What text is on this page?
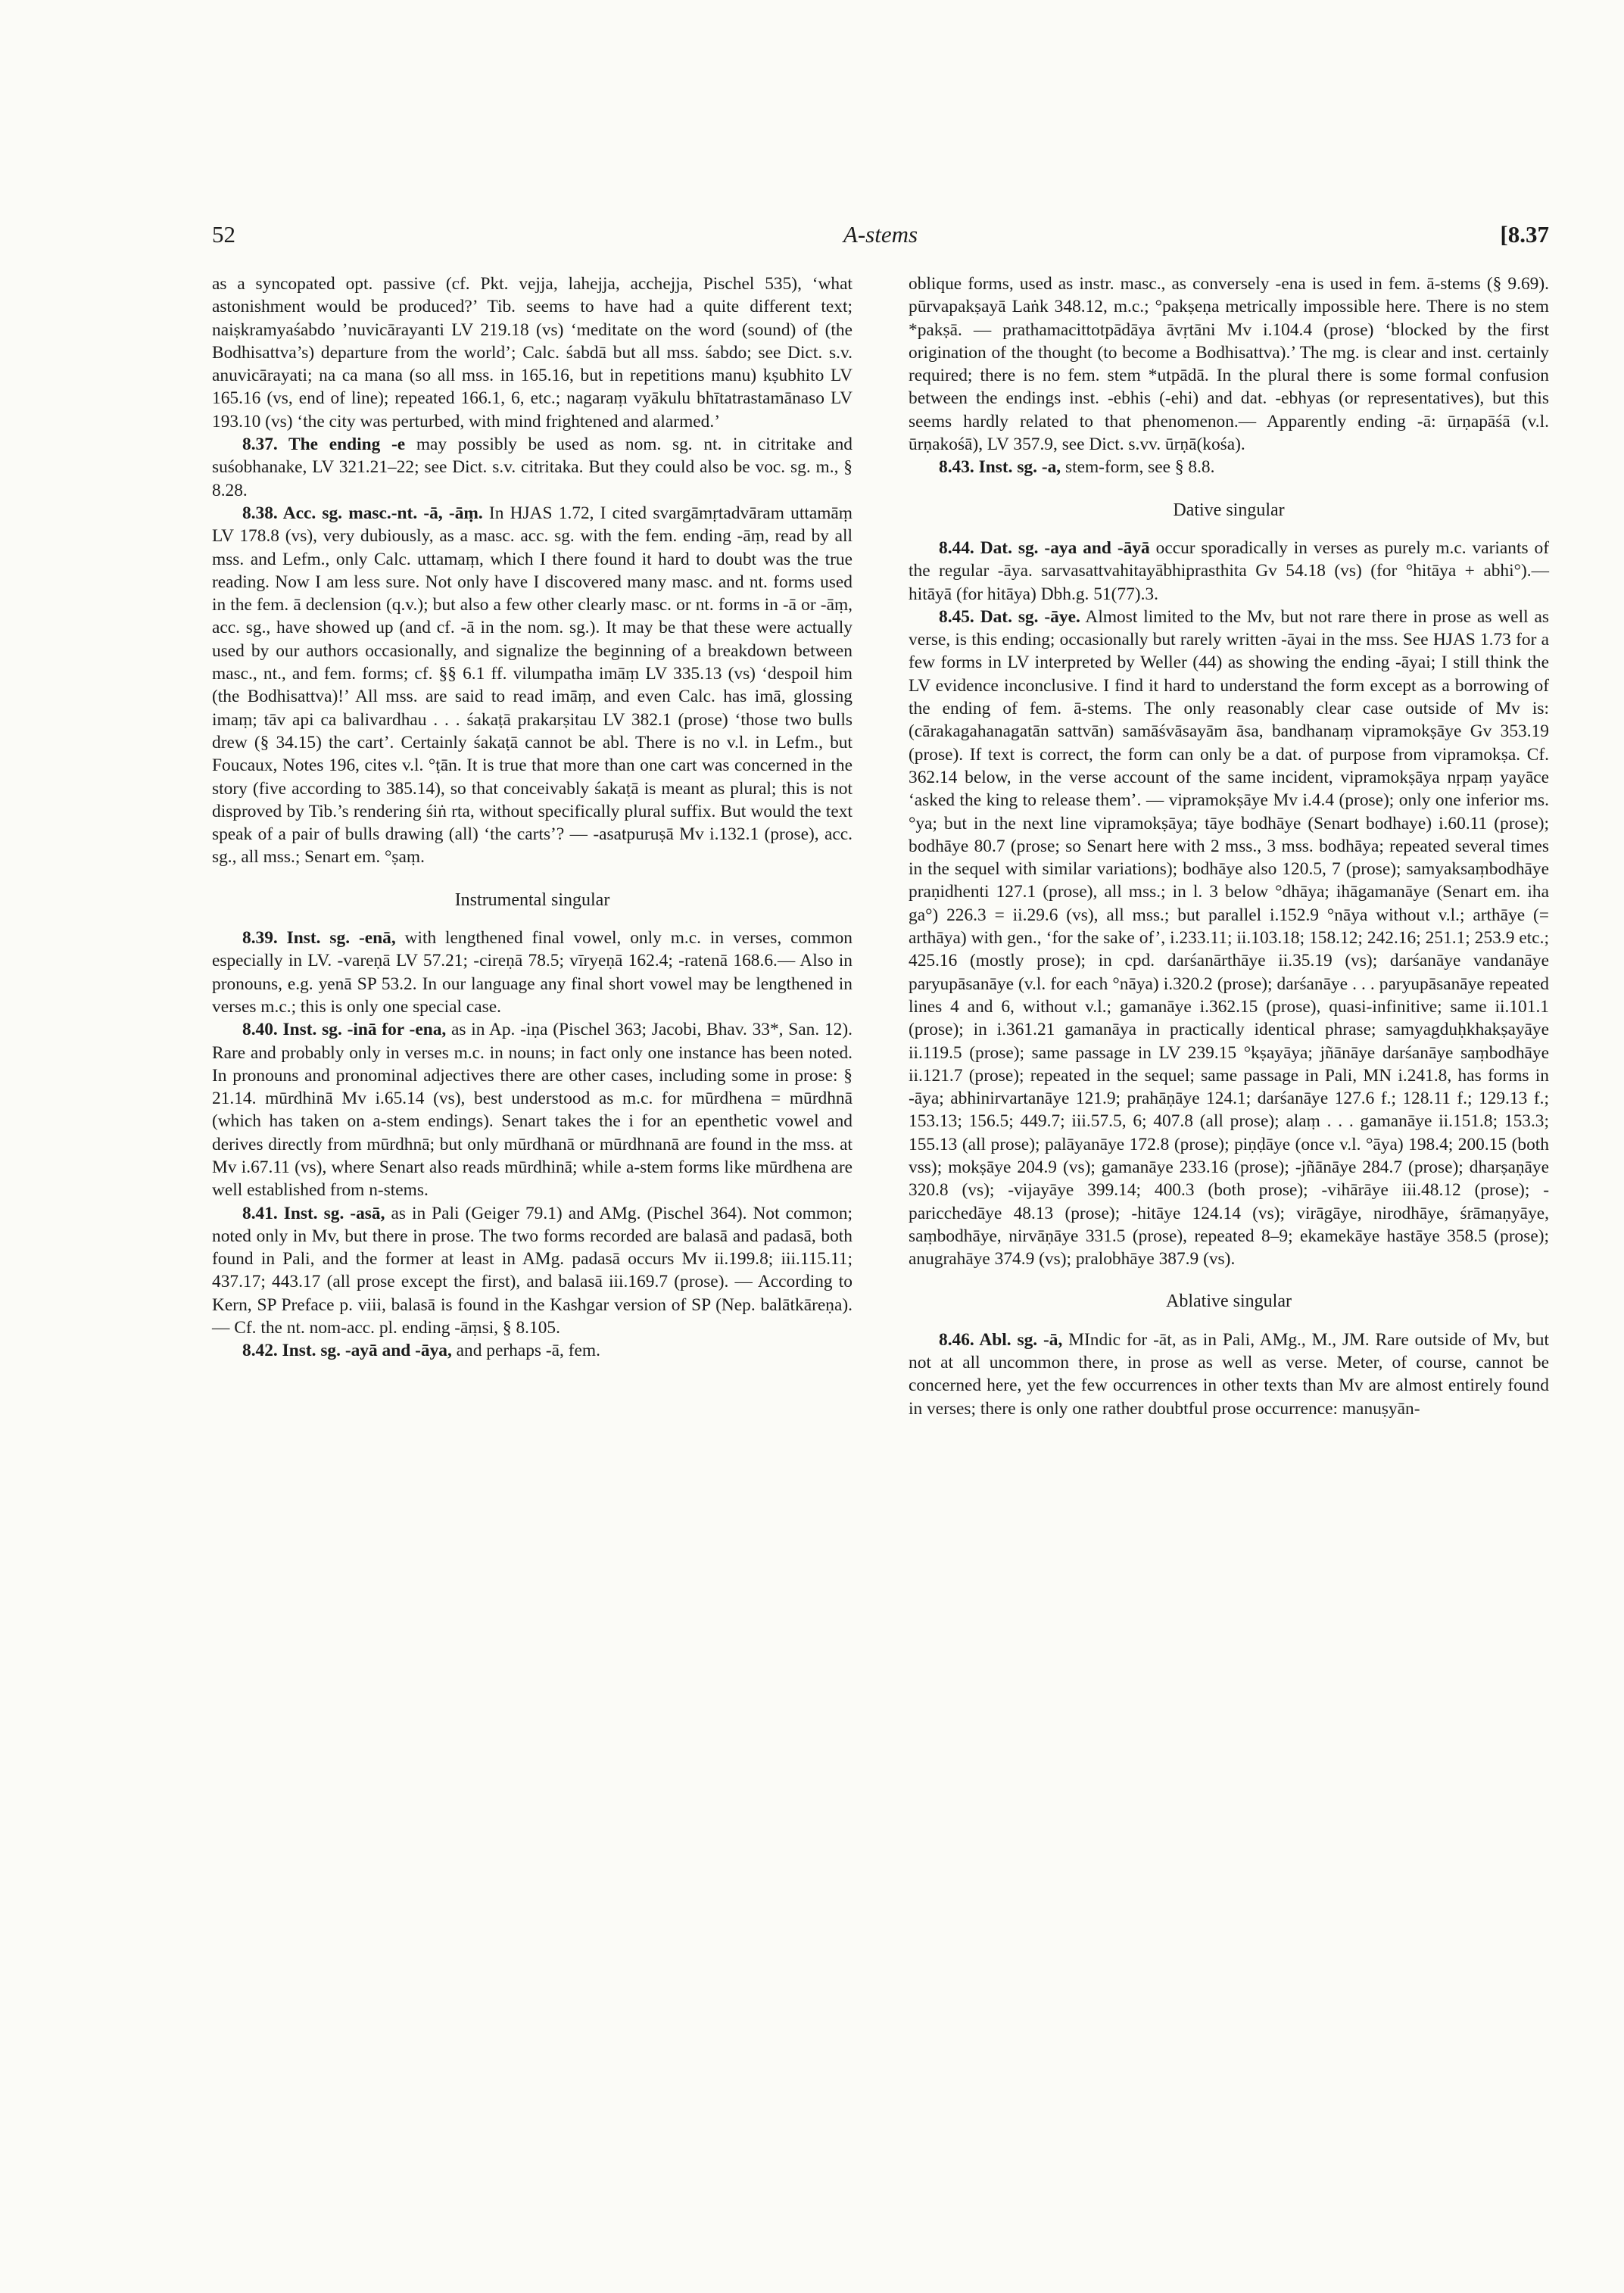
52	A-stems	[8.37

as a syncopated opt. passive (cf. Pkt. vejja, lahejja, acchejja, Pischel 535), ‘what astonishment would be produced?’ Tib. seems to have had a quite different text; naiṣkramyaśabdo ’nuvicārayanti LV 219.18 (vs) ‘meditate on the word (sound) of (the Bodhisattva’s) departure from the world’; Calc. śabdā but all mss. śabdo; see Dict. s.v. anuvicārayati; na ca mana (so all mss. in 165.16, but in repetitions manu) kṣubhito LV 165.16 (vs, end of line); repeated 166.1, 6, etc.; nagaraṃ vyākulu bhītatrastamānaso LV 193.10 (vs) ‘the city was perturbed, with mind frightened and alarmed.’

8.37. The ending -e may possibly be used as nom. sg. nt. in citritake and suśobhanake, LV 321.21–22; see Dict. s.v. citritaka. But they could also be voc. sg. m., § 8.28.

8.38. Acc. sg. masc.-nt. -ā, -āṃ. In HJAS 1.72, I cited svargāmṛtadvāram uttamāṃ LV 178.8 (vs), very dubiously, as a masc. acc. sg. with the fem. ending -āṃ, read by all mss. and Lefm., only Calc. uttamaṃ, which I there found it hard to doubt was the true reading. Now I am less sure. Not only have I discovered many masc. and nt. forms used in the fem. ā declension (q.v.); but also a few other clearly masc. or nt. forms in -ā or -āṃ, acc. sg., have showed up (and cf. -ā in the nom. sg.). It may be that these were actually used by our authors occasionally, and signalize the beginning of a breakdown between masc., nt., and fem. forms; cf. §§ 6.1 ff. vilumpatha imāṃ LV 335.13 (vs) ‘despoil him (the Bodhisattva)!’ All mss. are said to read imāṃ, and even Calc. has imā, glossing imaṃ; tāv api ca balivardhau . . . śakaṭā prakarṣitau LV 382.1 (prose) ‘those two bulls drew (§ 34.15) the cart’. Certainly śakaṭā cannot be abl. There is no v.l. in Lefm., but Foucaux, Notes 196, cites v.l. °ṭān. It is true that more than one cart was concerned in the story (five according to 385.14), so that conceivably śakaṭā is meant as plural; this is not disproved by Tib.’s rendering śiṅ rta, without specifically plural suffix. But would the text speak of a pair of bulls drawing (all) ‘the carts’? — -asatpuruṣā Mv i.132.1 (prose), acc. sg., all mss.; Senart em. °ṣaṃ.

Instrumental singular

8.39. Inst. sg. -enā, with lengthened final vowel, only m.c. in verses, common especially in LV. -vareṇā LV 57.21; -cireṇā 78.5; vīryeṇā 162.4; -ratenā 168.6.— Also in pronouns, e.g. yenā SP 53.2. In our language any final short vowel may be lengthened in verses m.c.; this is only one special case.

8.40. Inst. sg. -inā for -ena, as in Ap. -iṇa (Pischel 363; Jacobi, Bhav. 33*, San. 12). Rare and probably only in verses m.c. in nouns; in fact only one instance has been noted. In pronouns and pronominal adjectives there are other cases, including some in prose: § 21.14. mūrdhinā Mv i.65.14 (vs), best understood as m.c. for mūrdhena = mūrdhnā (which has taken on a-stem endings). Senart takes the i for an epenthetic vowel and derives directly from mūrdhnā; but only mūrdhanā or mūrdhnanā are found in the mss. at Mv i.67.11 (vs), where Senart also reads mūrdhinā; while a-stem forms like mūrdhena are well established from n-stems.

8.41. Inst. sg. -asā, as in Pali (Geiger 79.1) and AMg. (Pischel 364). Not common; noted only in Mv, but there in prose. The two forms recorded are balasā and padasā, both found in Pali, and the former at least in AMg. padasā occurs Mv ii.199.8; iii.115.11; 437.17; 443.17 (all prose except the first), and balasā iii.169.7 (prose). — According to Kern, SP Preface p. viii, balasā is found in the Kashgar version of SP (Nep. balātkāreṇa). — Cf. the nt. nom-acc. pl. ending -āṃsi, § 8.105.

8.42. Inst. sg. -ayā and -āya, and perhaps -ā, fem.

oblique forms, used as instr. masc., as conversely -ena is used in fem. ā-stems (§ 9.69). pūrvapakṣayā Laṅk 348.12, m.c.; °pakṣeṇa metrically impossible here. There is no stem *pakṣā. — prathamacittotpādāya āvṛtāni Mv i.104.4 (prose) ‘blocked by the first origination of the thought (to become a Bodhisattva).’ The mg. is clear and inst. certainly required; there is no fem. stem *utpādā. In the plural there is some formal confusion between the endings inst. -ebhis (-ehi) and dat. -ebhyas (or representatives), but this seems hardly related to that phenomenon.— Apparently ending -ā: ūrṇapāśā (v.l. ūrṇakośā), LV 357.9, see Dict. s.vv. ūrṇā(kośa).

8.43. Inst. sg. -a, stem-form, see § 8.8.

Dative singular

8.44. Dat. sg. -aya and -āyā occur sporadically in verses as purely m.c. variants of the regular -āya. sarvasattvahitayābhiprasthita Gv 54.18 (vs) (for °hitāya + abhi°).—hitāyā (for hitāya) Dbh.g. 51(77).3.

8.45. Dat. sg. -āye. Almost limited to the Mv, but not rare there in prose as well as verse, is this ending; occasionally but rarely written -āyai in the mss. See HJAS 1.73 for a few forms in LV interpreted by Weller (44) as showing the ending -āyai; I still think the LV evidence inconclusive. I find it hard to understand the form except as a borrowing of the ending of fem. ā-stems. The only reasonably clear case outside of Mv is: (cārakagahanagatān sattvān) samāśvāsayām āsa, bandhanaṃ vipramokṣāye Gv 353.19 (prose). If text is correct, the form can only be a dat. of purpose from vipramokṣa. Cf. 362.14 below, in the verse account of the same incident, vipramokṣāya nṛpaṃ yayāce ‘asked the king to release them’. — vipramokṣāye Mv i.4.4 (prose); only one inferior ms. °ya; but in the next line vipramokṣāya; tāye bodhāye (Senart bodhaye) i.60.11 (prose); bodhāye 80.7 (prose; so Senart here with 2 mss., 3 mss. bodhāya; repeated several times in the sequel with similar variations); bodhāye also 120.5, 7 (prose); samyaksaṃbodhāye praṇidhenti 127.1 (prose), all mss.; in l. 3 below °dhāya; ihāgamanāye (Senart em. iha ga°) 226.3 = ii.29.6 (vs), all mss.; but parallel i.152.9 °nāya without v.l.; arthāye (= arthāya) with gen., ‘for the sake of’, i.233.11; ii.103.18; 158.12; 242.16; 251.1; 253.9 etc.; 425.16 (mostly prose); in cpd. darśanārthāye ii.35.19 (vs); darśanāye vandanāye paryupāsanāye (v.l. for each °nāya) i.320.2 (prose); darśanāye . . . paryupāsanāye repeated lines 4 and 6, without v.l.; gamanāye i.362.15 (prose), quasi-infinitive; same ii.101.1 (prose); in i.361.21 gamanāya in practically identical phrase; samyagduḥkhakṣayāye ii.119.5 (prose); same passage in LV 239.15 °kṣayāya; jñānāye darśanāye saṃbodhāye ii.121.7 (prose); repeated in the sequel; same passage in Pali, MN i.241.8, has forms in -āya; abhinirvartanāye 121.9; prahāṇāye 124.1; darśanāye 127.6 f.; 128.11 f.; 129.13 f.; 153.13; 156.5; 449.7; iii.57.5, 6; 407.8 (all prose); alaṃ . . . gamanāye ii.151.8; 153.3; 155.13 (all prose); palāyanāye 172.8 (prose); piṇḍāye (once v.l. °āya) 198.4; 200.15 (both vss); mokṣāye 204.9 (vs); gamanāye 233.16 (prose); -jñānāye 284.7 (prose); dharṣaṇāye 320.8 (vs); -vijayāye 399.14; 400.3 (both prose); -vihārāye iii.48.12 (prose); -paricchedāye 48.13 (prose); -hitāye 124.14 (vs); virāgāye, nirodhāye, śrāmaṇyāye, saṃbodhāye, nirvāṇāye 331.5 (prose), repeated 8–9; ekamekāye hastāye 358.5 (prose); anugrahāye 374.9 (vs); pralobhāye 387.9 (vs).

Ablative singular

8.46. Abl. sg. -ā, MIndic for -āt, as in Pali, AMg., M., JM. Rare outside of Mv, but not at all uncommon there, in prose as well as verse. Meter, of course, cannot be concerned here, yet the few occurrences in other texts than Mv are almost entirely found in verses; there is only one rather doubtful prose occurrence: manuṣyān-
